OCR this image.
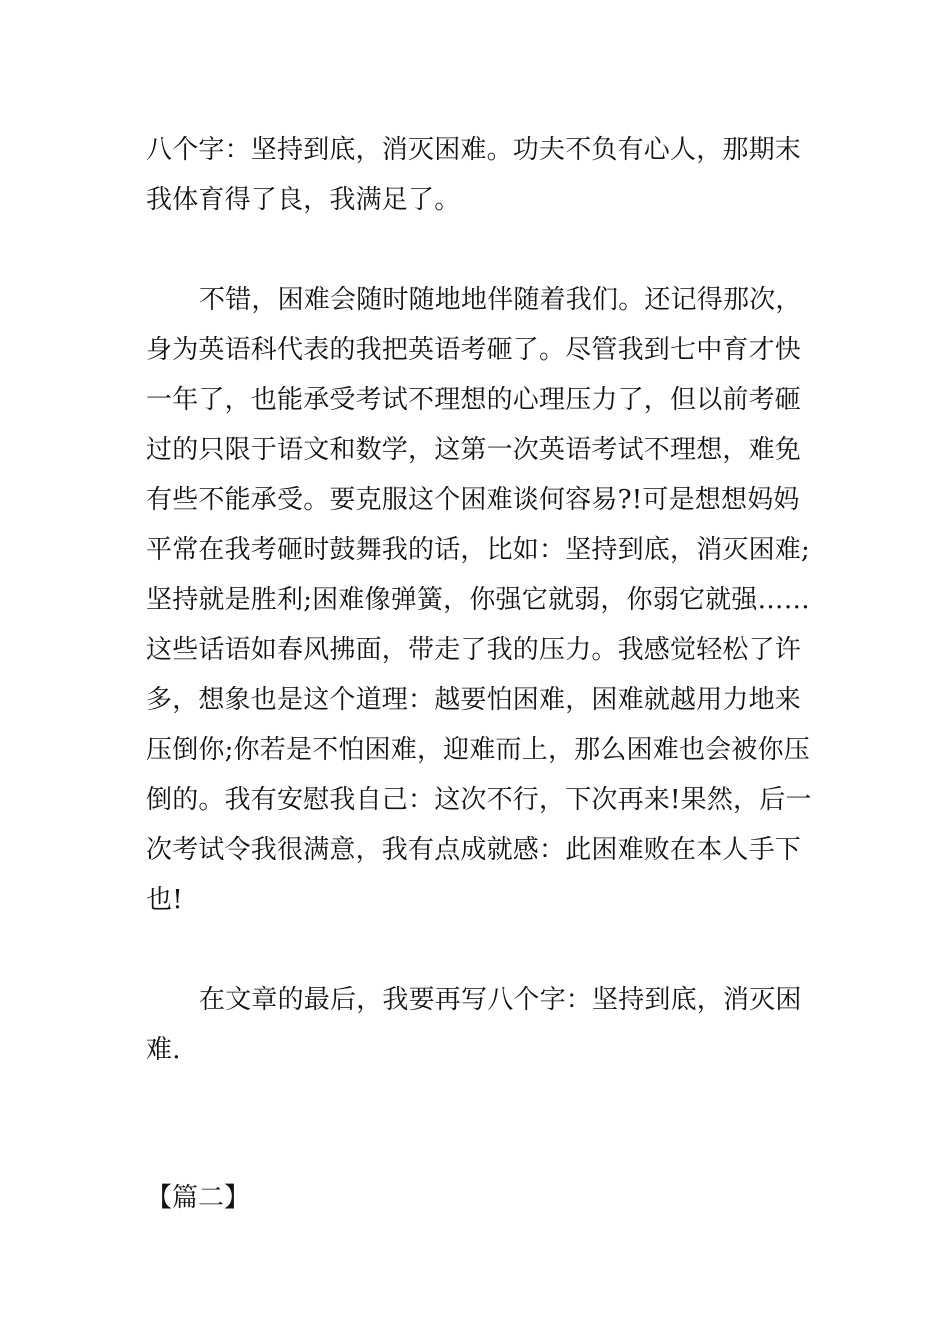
八个字：坚持到底，消灭困难。功夫不负有心人，那期末
我体育得了良，我满足了。
不错，困难会随时随地地伴随着我们。还记得那次，
身为英语科代表的我把英语考砸了。尽管我到七中育才快
一年了，也能承受考试不理想的心理压力了，但以前考砸
过的只限于语文和数学，这第一次英语考试不理想，难免
有些不能承受。要克服这个困难谈何容易?!可是想想妈妈
平常在我考砸时鼓舞我的话，比如：坚持到底，消灭困难;
坚持就是胜利;困难像弹簧，你强它就弱，你弱它就强……
这些话语如春风拂面，带走了我的压力。我感觉轻松了许
多，想象也是这个道理：越要怕困难，困难就越用力地来
压倒你;你若是不怕困难，迎难而上，那么困难也会被你压
倒的。我有安慰我自己：这次不行，下次再来!果然，后一
次考试令我很满意，我有点成就感：此困难败在本人手下
也!
在文章的最后，我要再写八个字：坚持到底，消灭困
难.
【篇二】
